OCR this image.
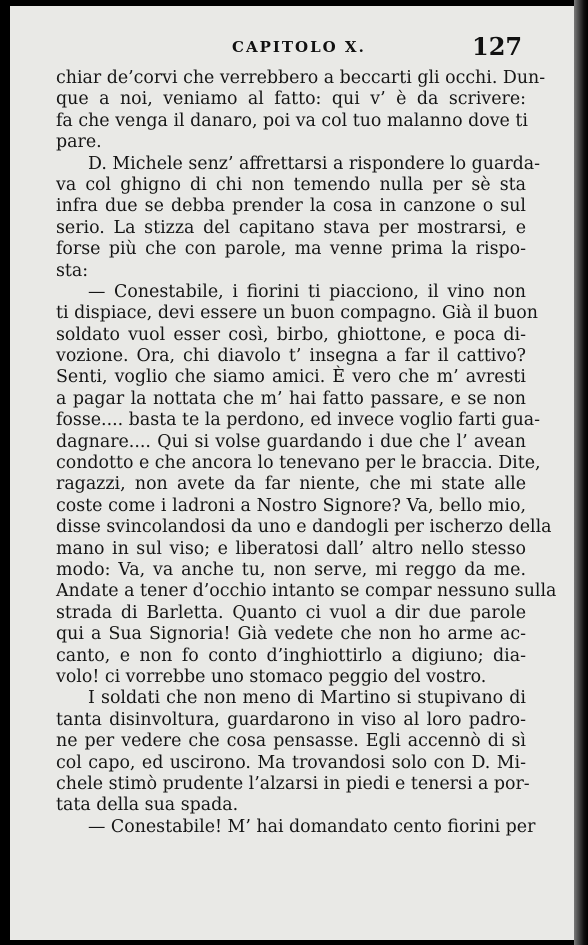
CAPITOLO X.	127
chiar de’corvi che verrebbero a beccarti gli occhi. Dun-
que a noi, veniamo al fatto: qui v’ è da scrivere:
fa che venga il danaro, poi va col tuo malanno dove ti
pare.
D. Michele senz’ affrettarsi a rispondere lo guarda-
va col ghigno di chi non temendo nulla per sè sta
infra due se debba prender la cosa in canzone o sul
serio. La stizza del capitano stava per mostrarsi, e
forse più che con parole, ma venne prima la rispo-
sta:
— Conestabile, i fiorini ti piacciono, il vino non
ti dispiace, devi essere un buon compagno. Già il buon
soldato vuol esser così, birbo, ghiottone, e poca di-
vozione. Ora, chi diavolo t’ insegna a far il cattivo?
Senti, voglio che siamo amici. È vero che m’ avresti
a pagar la nottata che m’ hai fatto passare, e se non
fosse.... basta te la perdono, ed invece voglio farti gua-
dagnare.... Qui si volse guardando i due che l’ avean
condotto e che ancora lo tenevano per le braccia. Dite,
ragazzi, non avete da far niente, che mi state alle
coste come i ladroni a Nostro Signore? Va, bello mio,
disse svincolandosi da uno e dandogli per ischerzo della
mano in sul viso; e liberatosi dall’ altro nello stesso
modo: Va, va anche tu, non serve, mi reggo da me.
Andate a tener d’occhio intanto se compar nessuno sulla
strada di Barletta. Quanto ci vuol a dir due parole
qui a Sua Signoria! Già vedete che non ho arme ac-
canto, e non fo conto d’inghiottirlo a digiuno; dia-
volo! ci vorrebbe uno stomaco peggio del vostro.
I soldati che non meno di Martino si stupivano di
tanta disinvoltura, guardarono in viso al loro padro-
ne per vedere che cosa pensasse. Egli accennò di sì
col capo, ed uscirono. Ma trovandosi solo con D. Mi-
chele stimò prudente l’alzarsi in piedi e tenersi a por-
tata della sua spada.
— Conestabile! M’ hai domandato cento fiorini per
